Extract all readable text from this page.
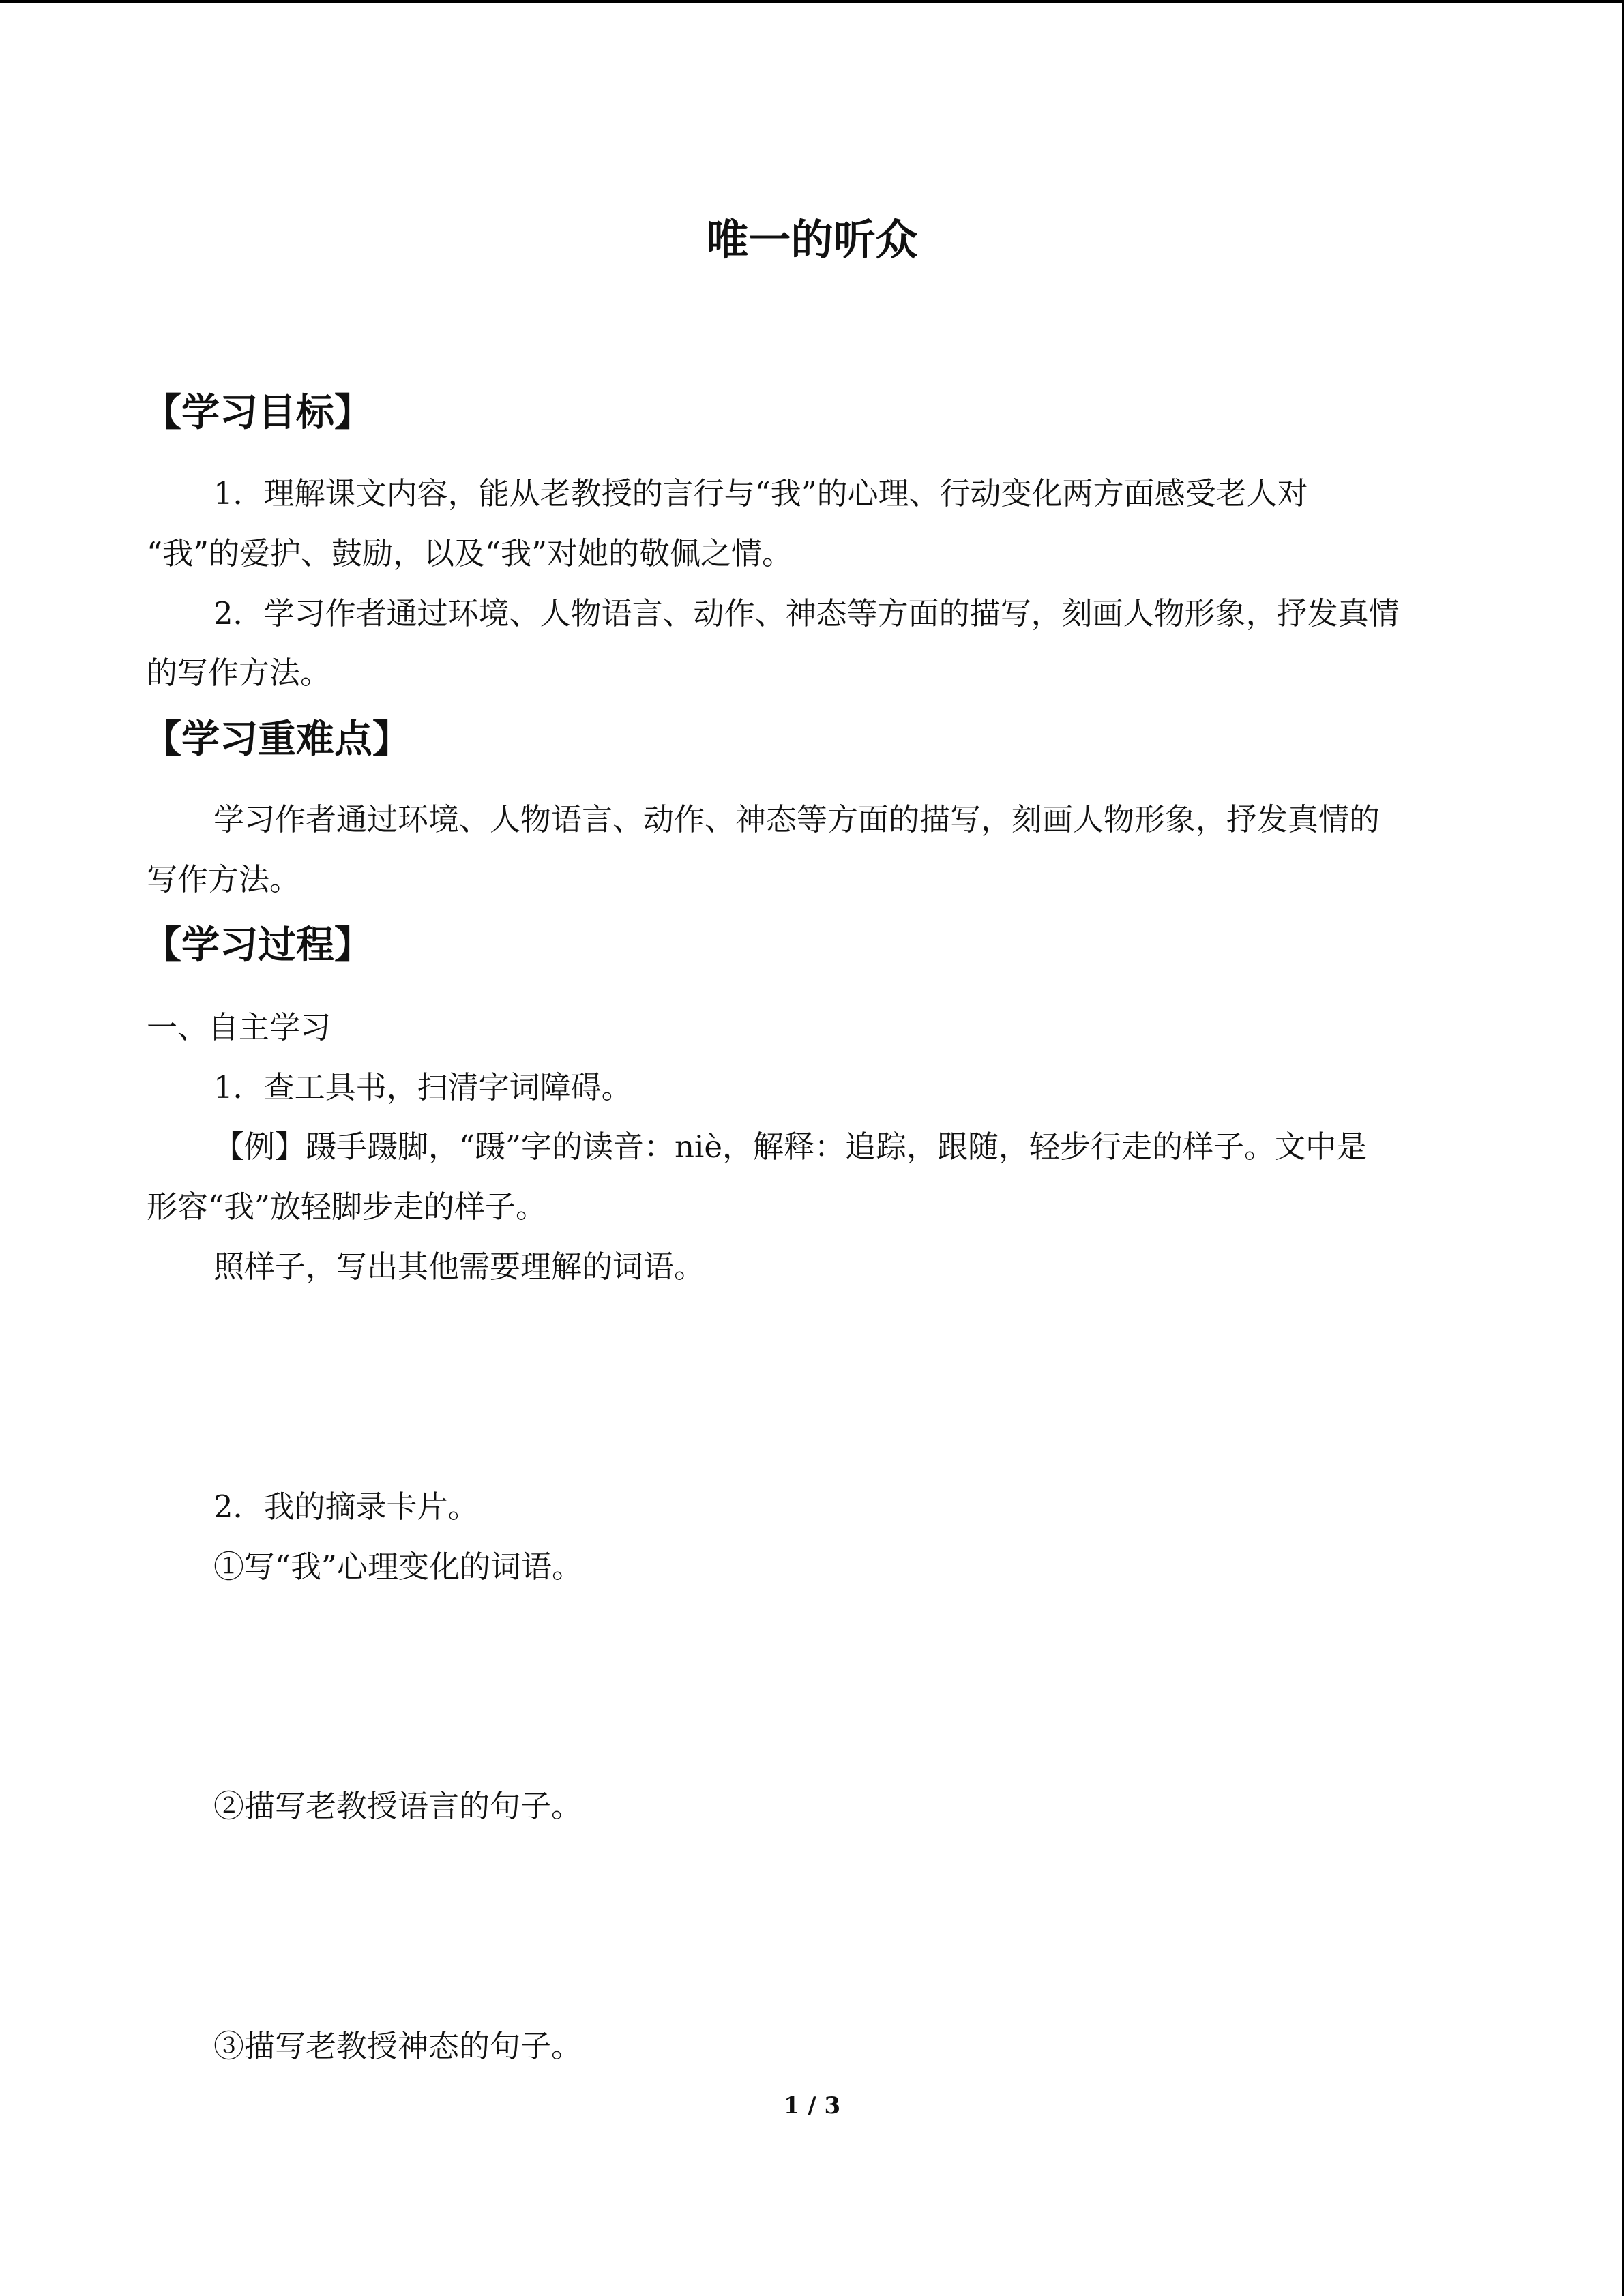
唯一的听众
【学习目标】

1．理解课文内容，能从老教授的言行与“我”的心理、行动变化两方面感受老人对

“我”的爱护、鼓励，以及“我”对她的敬佩之情。

2．学习作者通过环境、人物语言、动作、神态等方面的描写，刻画人物形象，抒发真情

的写作方法。

【学习重难点】

学习作者通过环境、人物语言、动作、神态等方面的描写，刻画人物形象，抒发真情的

写作方法。

【学习过程】

一、自主学习

1．查工具书，扫清字词障碍。

【例】蹑手蹑脚，“蹑”字的读音：niè，解释：追踪，跟随，轻步行走的样子。文中是

形容“我”放轻脚步走的样子。

照样子，写出其他需要理解的词语。

2．我的摘录卡片。

①写“我”心理变化的词语。

②描写老教授语言的句子。

③描写老教授神态的句子。

1 / 3
